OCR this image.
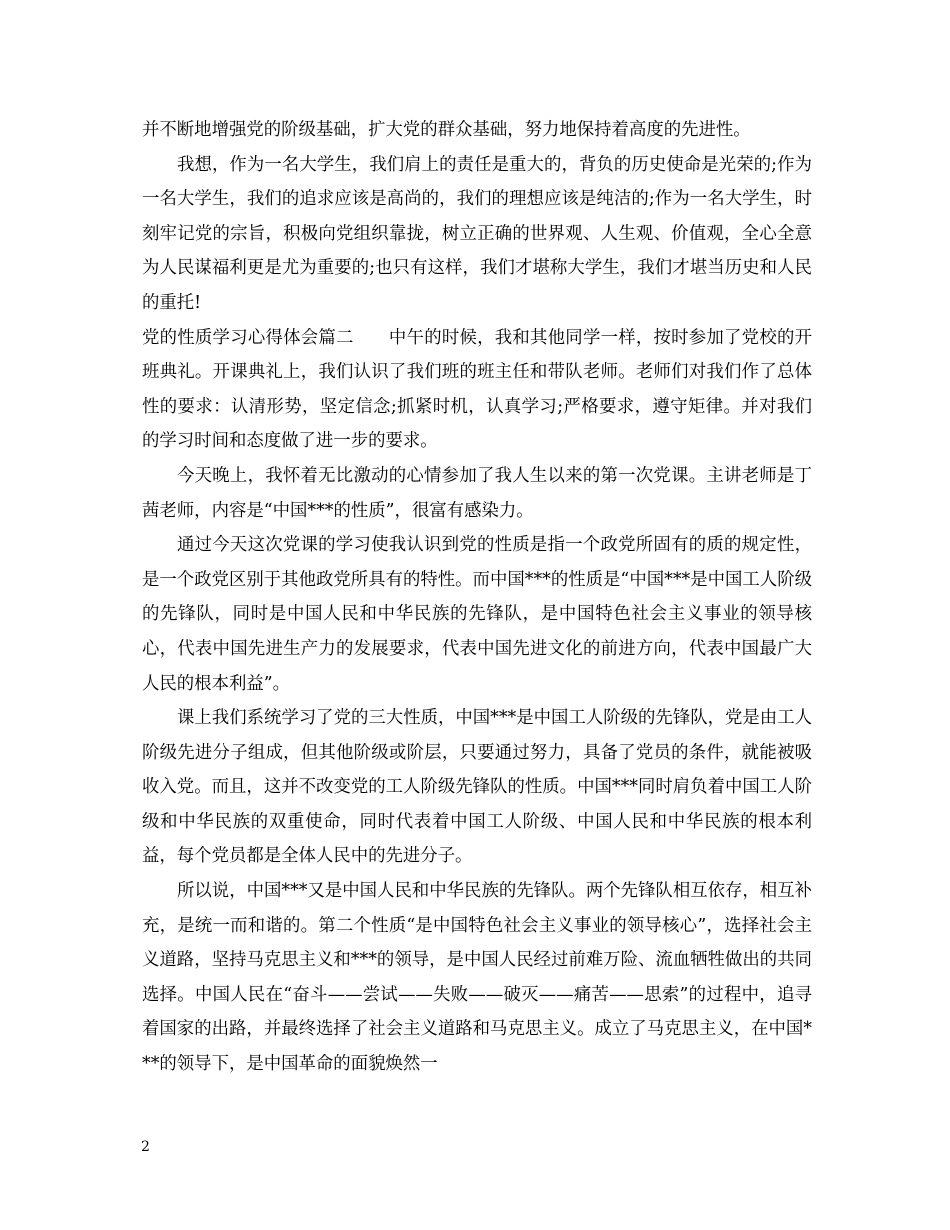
并不断地增强党的阶级基础，扩大党的群众基础，努力地保持着高度的先进性。

我想，作为一名大学生，我们肩上的责任是重大的，背负的历史使命是光荣的;作为一名大学生，我们的追求应该是高尚的，我们的理想应该是纯洁的;作为一名大学生，时刻牢记党的宗旨，积极向党组织靠拢，树立正确的世界观、人生观、价值观，全心全意为人民谋福利更是尤为重要的;也只有这样，我们才堪称大学生，我们才堪当历史和人民的重托!

党的性质学习心得体会篇二　　中午的时候，我和其他同学一样，按时参加了党校的开班典礼。开课典礼上，我们认识了我们班的班主任和带队老师。老师们对我们作了总体性的要求：认清形势，坚定信念;抓紧时机，认真学习;严格要求，遵守矩律。并对我们的学习时间和态度做了进一步的要求。

今天晚上，我怀着无比激动的心情参加了我人生以来的第一次党课。主讲老师是丁茜老师，内容是“中国***的性质”，很富有感染力。

通过今天这次党课的学习使我认识到党的性质是指一个政党所固有的质的规定性，是一个政党区别于其他政党所具有的特性。而中国***的性质是“中国***是中国工人阶级的先锋队，同时是中国人民和中华民族的先锋队，是中国特色社会主义事业的领导核心，代表中国先进生产力的发展要求，代表中国先进文化的前进方向，代表中国最广大人民的根本利益”。

课上我们系统学习了党的三大性质，中国***是中国工人阶级的先锋队，党是由工人阶级先进分子组成，但其他阶级或阶层，只要通过努力，具备了党员的条件，就能被吸收入党。而且，这并不改变党的工人阶级先锋队的性质。中国***同时肩负着中国工人阶级和中华民族的双重使命，同时代表着中国工人阶级、中国人民和中华民族的根本利益，每个党员都是全体人民中的先进分子。

所以说，中国***又是中国人民和中华民族的先锋队。两个先锋队相互依存，相互补充，是统一而和谐的。第二个性质“是中国特色社会主义事业的领导核心”，选择社会主义道路，坚持马克思主义和***的领导，是中国人民经过前难万险、流血牺牲做出的共同选择。中国人民在“奋斗——尝试——失败——破灭——痛苦——思索”的过程中，追寻着国家的出路，并最终选择了社会主义道路和马克思主义。成立了马克思主义，在中国***的领导下，是中国革命的面貌焕然一

2
